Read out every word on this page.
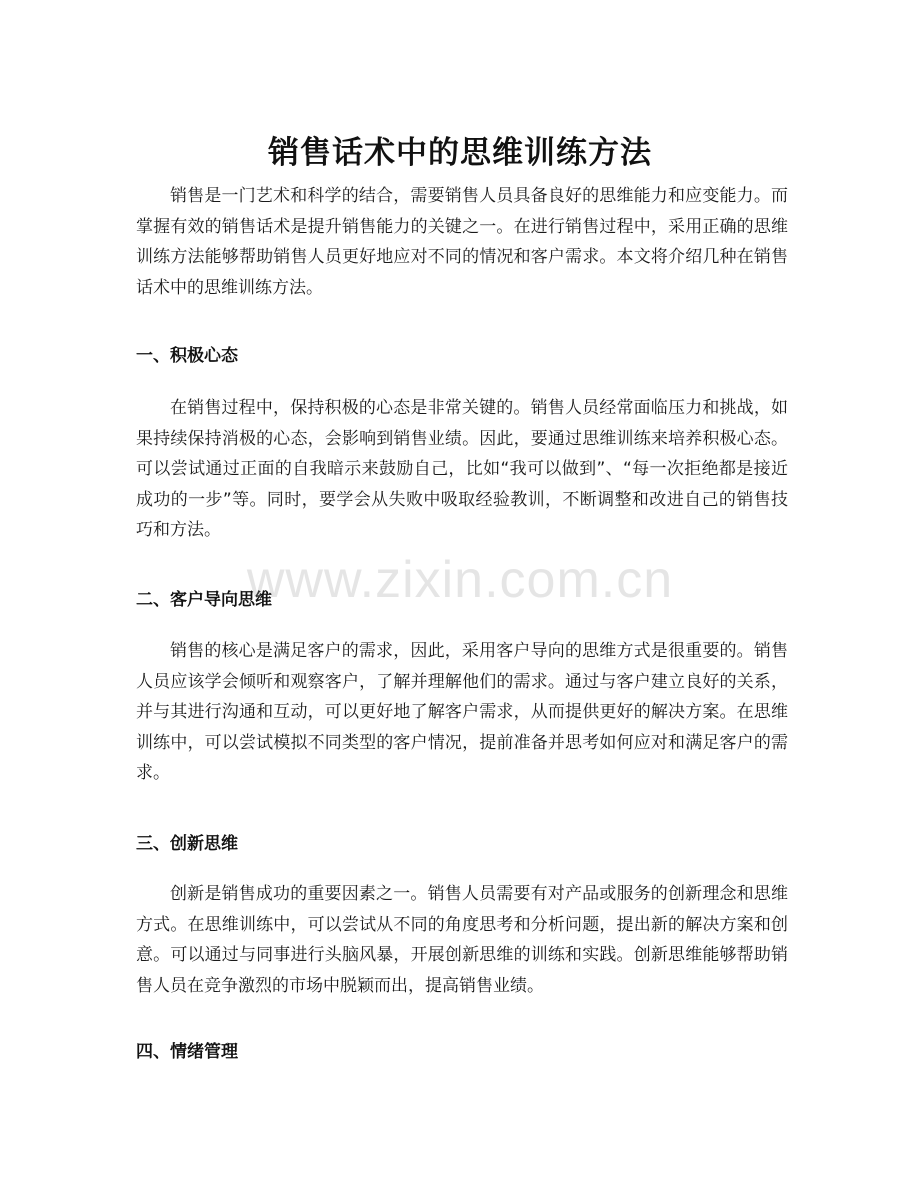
销售话术中的思维训练方法

销售是一门艺术和科学的结合，需要销售人员具备良好的思维能力和应变能力。而掌握有效的销售话术是提升销售能力的关键之一。在进行销售过程中，采用正确的思维训练方法能够帮助销售人员更好地应对不同的情况和客户需求。本文将介绍几种在销售话术中的思维训练方法。

一、积极心态

在销售过程中，保持积极的心态是非常关键的。销售人员经常面临压力和挑战，如果持续保持消极的心态，会影响到销售业绩。因此，要通过思维训练来培养积极心态。可以尝试通过正面的自我暗示来鼓励自己，比如“我可以做到”、“每一次拒绝都是接近成功的一步”等。同时，要学会从失败中吸取经验教训，不断调整和改进自己的销售技巧和方法。

二、客户导向思维

销售的核心是满足客户的需求，因此，采用客户导向的思维方式是很重要的。销售人员应该学会倾听和观察客户，了解并理解他们的需求。通过与客户建立良好的关系，并与其进行沟通和互动，可以更好地了解客户需求，从而提供更好的解决方案。在思维训练中，可以尝试模拟不同类型的客户情况，提前准备并思考如何应对和满足客户的需求。

三、创新思维

创新是销售成功的重要因素之一。销售人员需要有对产品或服务的创新理念和思维方式。在思维训练中，可以尝试从不同的角度思考和分析问题，提出新的解决方案和创意。可以通过与同事进行头脑风暴，开展创新思维的训练和实践。创新思维能够帮助销售人员在竞争激烈的市场中脱颖而出，提高销售业绩。

四、情绪管理
www.zixin.com.cn
